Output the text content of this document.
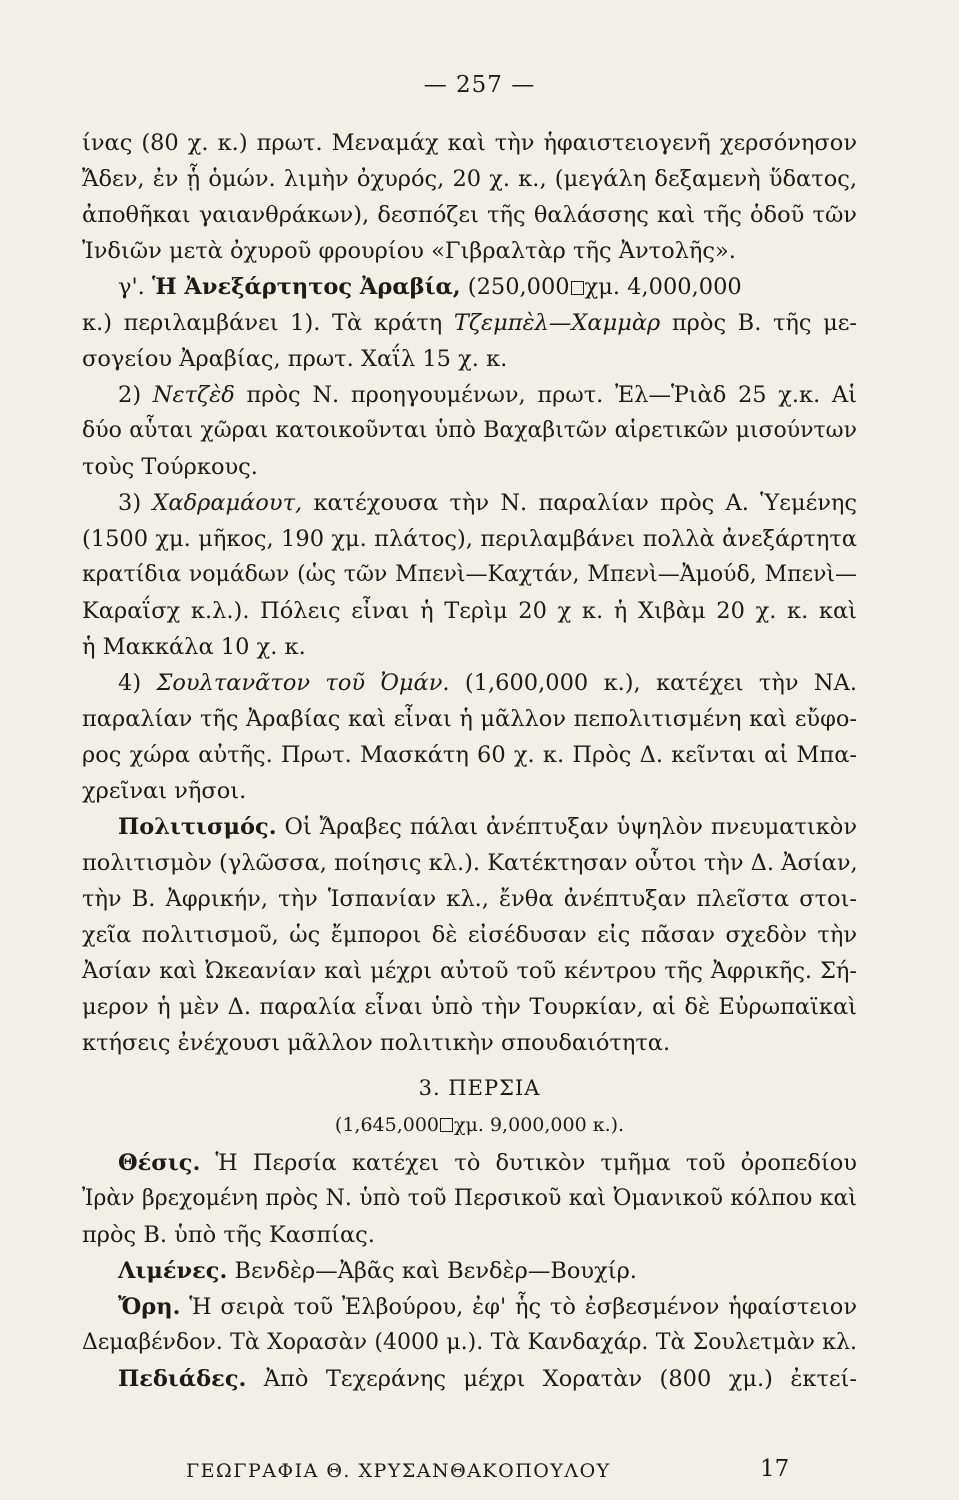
— 257 —
ίνας (80 χ. κ.) πρωτ. Μεναμάχ καὶ τὴν ἡφαιστειογενῆ χερσόνησον
Ἄδεν, ἐν ᾗ ὁμών. λιμὴν ὀχυρός, 20 χ. κ., (μεγάλη δεξαμενὴ ὕδατος,
ἀποθῆκαι γαιανθράκων), δεσπόζει τῆς θαλάσσης καὶ τῆς ὁδοῦ τῶν
Ἰνδιῶν μετὰ ὀχυροῦ φρουρίου «Γιβραλτὰρ τῆς Ἀντολῆς».
γ'. Ἡ Ἀνεξάρτητος Ἀραβία, (250,000 χμ. 4,000,000
κ.) περιλαμβάνει 1). Τὰ κράτη Τζεμπὲλ—Χαμμὰρ πρὸς Β. τῆς με-
σογείου Ἀραβίας, πρωτ. Χαΐλ 15 χ. κ.
2) Νετζὲδ πρὸς Ν. προηγουμένων, πρωτ. Ἐλ—Ῥιὰδ 25 χ.κ. Αἱ
δύο αὗται χῶραι κατοικοῦνται ὑπὸ Βαχαβιτῶν αἱρετικῶν μισούντων
τοὺς Τούρκους.
3) Χαδραμάουτ, κατέχουσα τὴν Ν. παραλίαν πρὸς Α. Ὑεμένης
(1500 χμ. μῆκος, 190 χμ. πλάτος), περιλαμβάνει πολλὰ ἀνεξάρτητα
κρατίδια νομάδων (ὡς τῶν Μπενὶ—Καχτάν, Μπενὶ—Ἀμούδ, Μπενὶ—
Καραΐσχ κ.λ.). Πόλεις εἶναι ἡ Τερὶμ 20 χ κ. ἡ Χιβὰμ 20 χ. κ. καὶ
ἡ Μακκάλα 10 χ. κ.
4) Σουλτανᾶτον τοῦ Ὀμάν. (1,600,000 κ.), κατέχει τὴν ΝΑ.
παραλίαν τῆς Ἀραβίας καὶ εἶναι ἡ μᾶλλον πεπολιτισμένη καὶ εὔφο-
ρος χώρα αὐτῆς. Πρωτ. Μασκάτη 60 χ. κ. Πρὸς Δ. κεῖνται αἱ Μπα-
χρεῖναι νῆσοι.
Πολιτισμός. Οἱ Ἄραβες πάλαι ἀνέπτυξαν ὑψηλὸν πνευματικὸν
πολιτισμὸν (γλῶσσα, ποίησις κλ.). Κατέκτησαν οὗτοι τὴν Δ. Ἀσίαν,
τὴν Β. Ἀφρικήν, τὴν Ἱσπανίαν κλ., ἔνθα ἀνέπτυξαν πλεῖστα στοι-
χεῖα πολιτισμοῦ, ὡς ἔμποροι δὲ εἰσέδυσαν εἰς πᾶσαν σχεδὸν τὴν
Ἀσίαν καὶ Ὠκεανίαν καὶ μέχρι αὐτοῦ τοῦ κέντρου τῆς Ἀφρικῆς. Σή-
μερον ἡ μὲν Δ. παραλία εἶναι ὑπὸ τὴν Τουρκίαν, αἱ δὲ Εὐρωπαϊκαὶ
κτήσεις ἐνέχουσι μᾶλλον πολιτικὴν σπουδαιότητα.
3. ΠΕΡΣΙΑ
(1,645,000 χμ. 9,000,000 κ.).
Θέσις. Ἡ Περσία κατέχει τὸ δυτικὸν τμῆμα τοῦ ὀροπεδίου
Ἰρὰν βρεχομένη πρὸς Ν. ὑπὸ τοῦ Περσικοῦ καὶ Ὀμανικοῦ κόλπου καὶ
πρὸς Β. ὑπὸ τῆς Κασπίας.
Λιμένες. Βενδὲρ—Ἀβᾶς καὶ Βενδὲρ—Βουχίρ.
Ὄρη. Ἡ σειρὰ τοῦ Ἐλβούρου, ἐφ' ἧς τὸ ἐσβεσμένον ἡφαίστειον
Δεμαβένδον. Τὰ Χορασὰν (4000 μ.). Τὰ Κανδαχάρ. Τὰ Σουλετμὰν κλ.
Πεδιάδες. Ἀπὸ Τεχεράνης μέχρι Χορατὰν (800 χμ.) ἐκτεί-
ΓΕΩΓΡΑΦΙΑ Θ. ΧΡΥΣΑΝΘΑΚΟΠΟΥΛΟΥ	17
